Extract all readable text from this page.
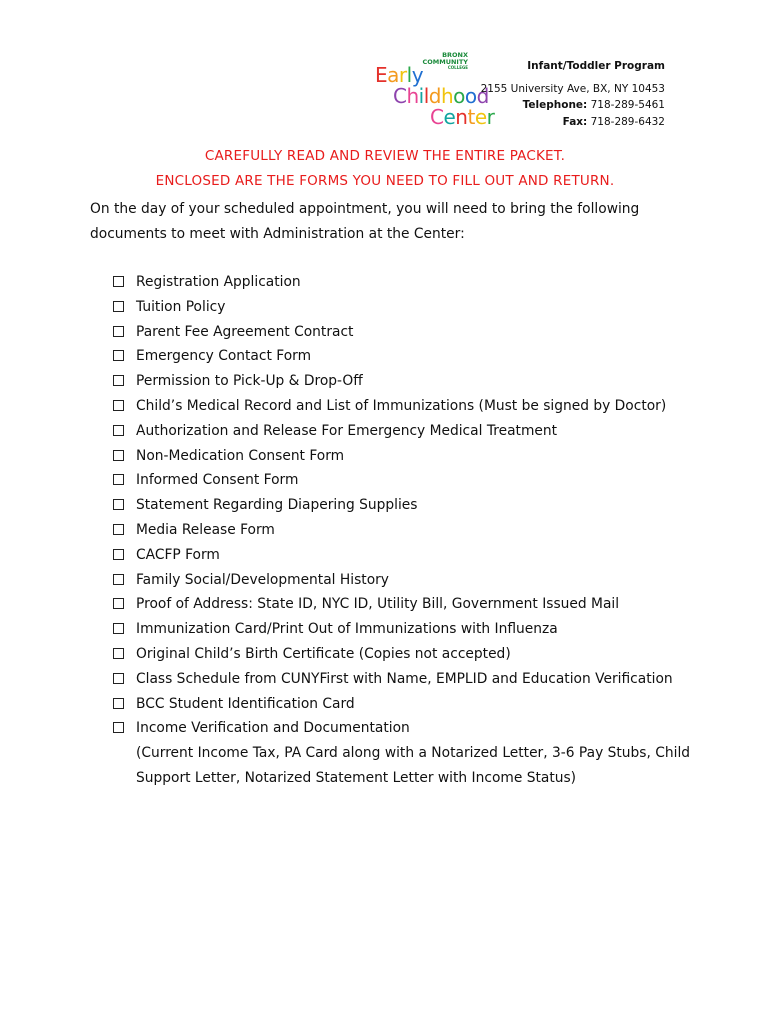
BRONX
COMMUNITY
COLLEGE
Early
Childhood
Center
Infant/Toddler Program
2155 University Ave, BX, NY 10453
Telephone: 718-289-5461
Fax: 718-289-6432
CAREFULLY READ AND REVIEW THE ENTIRE PACKET.
ENCLOSED ARE THE FORMS YOU NEED TO FILL OUT AND RETURN.
On the day of your scheduled appointment, you will need to bring the following documents to meet with Administration at the Center:
Registration Application
Tuition Policy
Parent Fee Agreement Contract
Emergency Contact Form
Permission to Pick-Up & Drop-Off
Child’s Medical Record and List of Immunizations (Must be signed by Doctor)
Authorization and Release For Emergency Medical Treatment
Non-Medication Consent Form
Informed Consent Form
Statement Regarding Diapering Supplies
Media Release Form
CACFP Form
Family Social/Developmental History
Proof of Address: State ID, NYC ID, Utility Bill, Government Issued Mail
Immunization Card/Print Out of Immunizations with Influenza
Original Child’s Birth Certificate (Copies not accepted)
Class Schedule from CUNYFirst with Name, EMPLID and Education Verification
BCC Student Identification Card
Income Verification and Documentation
(Current Income Tax, PA Card along with a Notarized Letter, 3-6 Pay Stubs, Child Support Letter, Notarized Statement Letter with Income Status)
